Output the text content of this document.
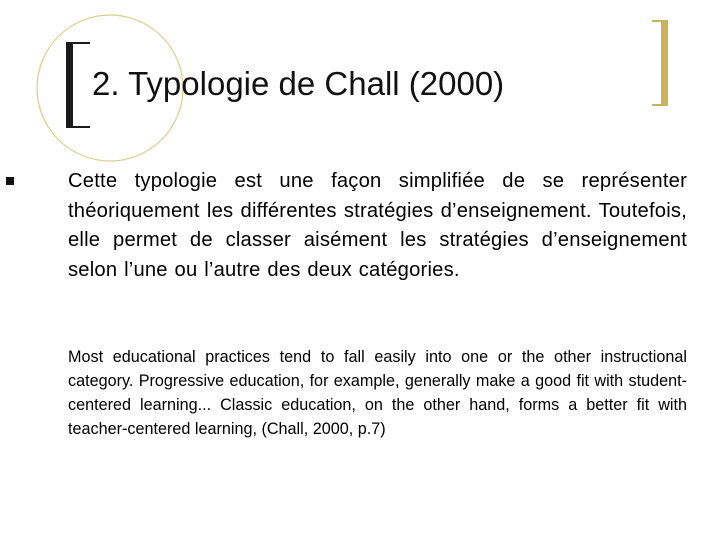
2. Typologie de Chall (2000)
Cette typologie est une façon simplifiée de se représenter théoriquement les différentes stratégies d’enseignement. Toutefois, elle permet de classer aisément les stratégies d’enseignement selon l’une ou l’autre des deux catégories.
Most educational practices tend to fall easily into one or the other instructional category. Progressive education, for example, generally make a good fit with student-centered learning... Classic education, on the other hand, forms a better fit with teacher-centered learning, (Chall, 2000, p.7)
